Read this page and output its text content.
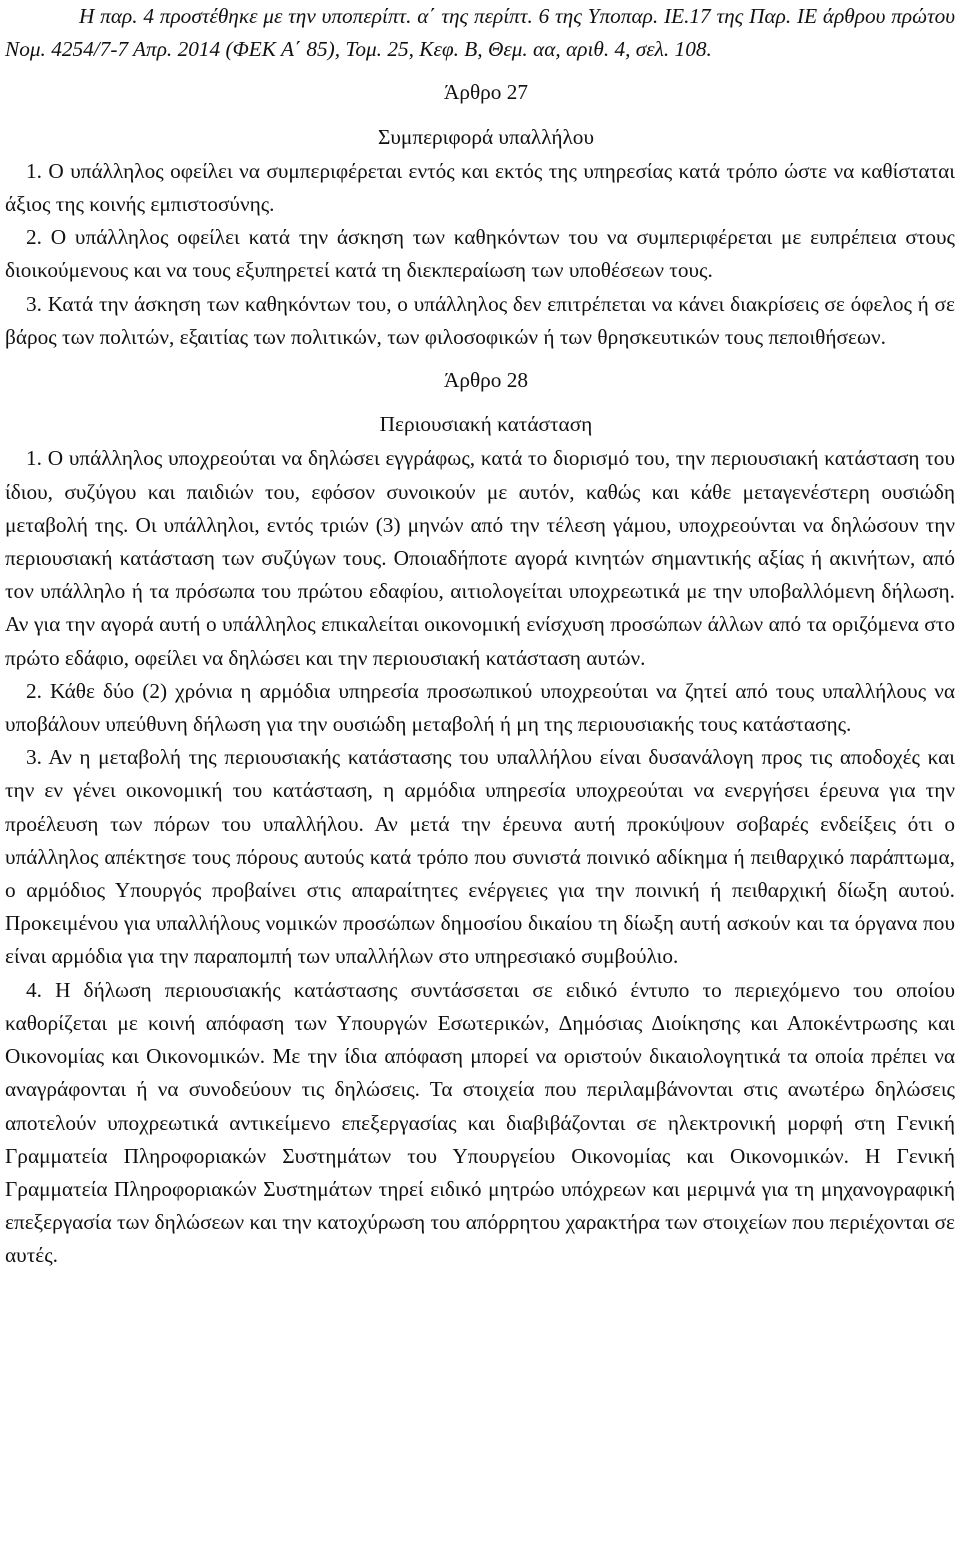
Η παρ. 4 προστέθηκε με την υποπερίπτ. α΄ της περίπτ. 6 της Υποπαρ. ΙΕ.17 της Παρ. ΙΕ άρθρου πρώτου Νομ. 4254/7-7 Απρ. 2014 (ΦΕΚ Α΄ 85), Τομ. 25, Κεφ. Β, Θεμ. αα, αριθ. 4, σελ. 108.

Άρθρο 27

Συμπεριφορά υπαλλήλου

1. Ο υπάλληλος οφείλει να συμπεριφέρεται εντός και εκτός της υπηρεσίας κατά τρόπο ώστε να καθίσταται άξιος της κοινής εμπιστοσύνης.

2. Ο υπάλληλος οφείλει κατά την άσκηση των καθηκόντων του να συμπεριφέρεται με ευπρέπεια στους διοικούμενους και να τους εξυπηρετεί κατά τη διεκπεραίωση των υποθέσεων τους.

3. Κατά την άσκηση των καθηκόντων του, ο υπάλληλος δεν επιτρέπεται να κάνει διακρίσεις σε όφελος ή σε βάρος των πολιτών, εξαιτίας των πολιτικών, των φιλοσοφικών ή των θρησκευτικών τους πεποιθήσεων.

Άρθρο 28

Περιουσιακή κατάσταση

1. Ο υπάλληλος υποχρεούται να δηλώσει εγγράφως, κατά το διορισμό του, την περιουσιακή κατάσταση του ίδιου, συζύγου και παιδιών του, εφόσον συνοικούν με αυτόν, καθώς και κάθε μεταγενέστερη ουσιώδη μεταβολή της. Οι υπάλληλοι, εντός τριών (3) μηνών από την τέλεση γάμου, υποχρεούνται να δηλώσουν την περιουσιακή κατάσταση των συζύγων τους. Οποιαδήποτε αγορά κινητών σημαντικής αξίας ή ακινήτων, από τον υπάλληλο ή τα πρόσωπα του πρώτου εδαφίου, αιτιολογείται υποχρεωτικά με την υποβαλλόμενη δήλωση. Αν για την αγορά αυτή ο υπάλληλος επικαλείται οικονομική ενίσχυση προσώπων άλλων από τα οριζόμενα στο πρώτο εδάφιο, οφείλει να δηλώσει και την περιουσιακή κατάσταση αυτών.

2. Κάθε δύο (2) χρόνια η αρμόδια υπηρεσία προσωπικού υποχρεούται να ζητεί από τους υπαλλήλους να υποβάλουν υπεύθυνη δήλωση για την ουσιώδη μεταβολή ή μη της περιουσιακής τους κατάστασης.

3. Αν η μεταβολή της περιουσιακής κατάστασης του υπαλλήλου είναι δυσανάλογη προς τις αποδοχές και την εν γένει οικονομική του κατάσταση, η αρμόδια υπηρεσία υποχρεούται να ενεργήσει έρευνα για την προέλευση των πόρων του υπαλλήλου. Αν μετά την έρευνα αυτή προκύψουν σοβαρές ενδείξεις ότι ο υπάλληλος απέκτησε τους πόρους αυτούς κατά τρόπο που συνιστά ποινικό αδίκημα ή πειθαρχικό παράπτωμα, ο αρμόδιος Υπουργός προβαίνει στις απαραίτητες ενέργειες για την ποινική ή πειθαρχική δίωξη αυτού. Προκειμένου για υπαλλήλους νομικών προσώπων δημοσίου δικαίου τη δίωξη αυτή ασκούν και τα όργανα που είναι αρμόδια για την παραπομπή των υπαλλήλων στο υπηρεσιακό συμβούλιο.

4. Η δήλωση περιουσιακής κατάστασης συντάσσεται σε ειδικό έντυπο το περιεχόμενο του οποίου καθορίζεται με κοινή απόφαση των Υπουργών Εσωτερικών, Δημόσιας Διοίκησης και Αποκέντρωσης και Οικονομίας και Οικονομικών. Με την ίδια απόφαση μπορεί να οριστούν δικαιολογητικά τα οποία πρέπει να αναγράφονται ή να συνοδεύουν τις δηλώσεις. Τα στοιχεία που περιλαμβάνονται στις ανωτέρω δηλώσεις αποτελούν υποχρεωτικά αντικείμενο επεξεργασίας και διαβιβάζονται σε ηλεκτρονική μορφή στη Γενική Γραμματεία Πληροφοριακών Συστημάτων του Υπουργείου Οικονομίας και Οικονομικών. Η Γενική Γραμματεία Πληροφοριακών Συστημάτων τηρεί ειδικό μητρώο υπόχρεων και μεριμνά για τη μηχανογραφική επεξεργασία των δηλώσεων και την κατοχύρωση του απόρρητου χαρακτήρα των στοιχείων που περιέχονται σε αυτές.
